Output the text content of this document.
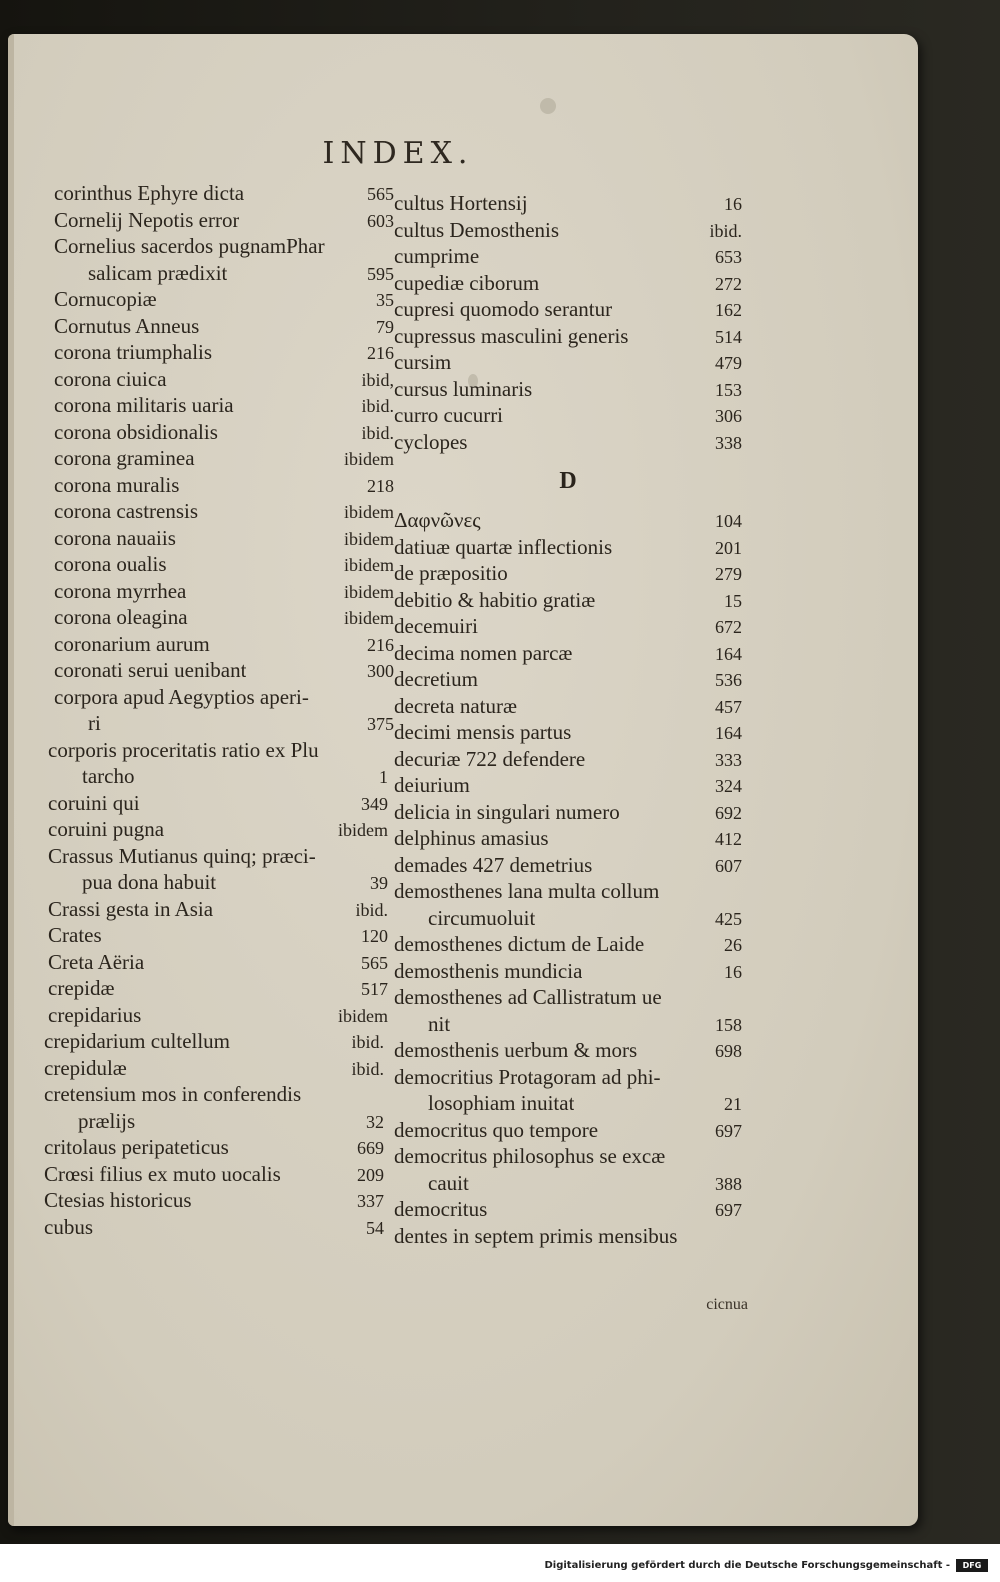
INDEX.
corinthus Ephyre dicta	565
Cornelij Nepotis error	603
Cornelius sacerdos pugnamPhar
salicam prædixit	595
Cornucopiæ	35
Cornutus Anneus	79
corona triumphalis	216
corona ciuica	ibid,
corona militaris uaria	ibid.
corona obsidionalis	ibid.
corona graminea	ibidem
corona muralis	218
corona castrensis	ibidem
corona nauaiis	ibidem
corona oualis	ibidem
corona myrrhea	ibidem
corona oleagina	ibidem
coronarium aurum	216
coronati serui uenibant	300
corpora apud Aegyptios aperi-
ri	375
corporis proceritatis ratio ex Plu
tarcho	1
coruini qui	349
coruini pugna	ibidem
Crassus Mutianus quinq; præci-
pua dona habuit	39
Crassi gesta in Asia	ibid.
Crates	120
Creta Aëria	565
crepidæ	517
crepidarius	ibidem
crepidarium cultellum	ibid.
crepidulæ	ibid.
cretensium mos in conferendis
prælijs	32
critolaus peripateticus	669
Crœsi filius ex muto uocalis	209
Ctesias historicus	337
cubus	54
cultus Hortensij	16
cultus Demosthenis	ibid.
cumprime	653
cupediæ ciborum	272
cupresi quomodo serantur	162
cupressus masculini generis	514
cursim	479
cursus luminaris	153
curro cucurri	306
cyclopes	338
D
Δαφνῶνες	104
datiuæ quartæ inflectionis	201
de præpositio	279
debitio & habitio gratiæ	15
decemuiri	672
decima nomen parcæ	164
decretium	536
decreta naturæ	457
decimi mensis partus	164
decuriæ 722 defendere	333
deiurium	324
delicia in singulari numero	692
delphinus amasius	412
demades 427 demetrius	607
demosthenes lana multa collum
circumuoluit	425
demosthenes dictum de Laide	26
demosthenis mundicia	16
demosthenes ad Callistratum ue
nit	158
demosthenis uerbum & mors	698
democritius Protagoram ad phi-
losophiam inuitat	21
democritus quo tempore	697
democritus philosophus se excæ
cauit	388
democritus	697
dentes in septem primis mensibus
cicnua
Digitalisierung gefördert durch die Deutsche Forschungsgemeinschaft -	DFG
